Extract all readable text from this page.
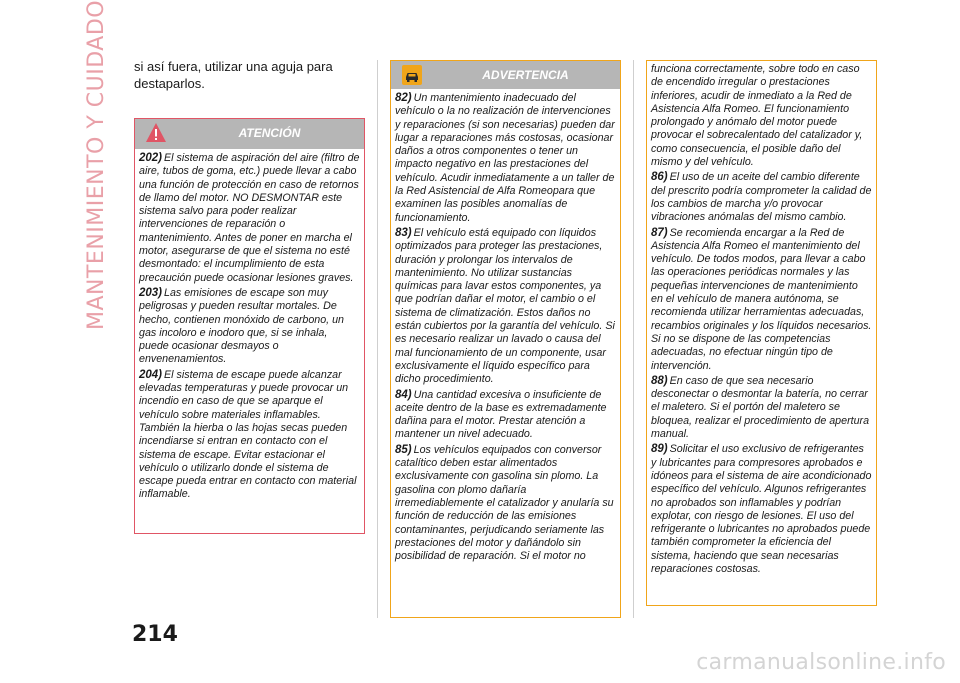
MANTENIMIENTO Y CUIDADO si así fuera, utilizar una aguja para destaparlos.
ATENCIÓN

202) El sistema de aspiración del aire (filtro de aire, tubos de goma, etc.) puede llevar a cabo una función de protección en caso de retornos de llamo del motor. NO DESMONTAR este sistema salvo para poder realizar intervenciones de reparación o mantenimiento. Antes de poner en marcha el motor, asegurarse de que el sistema no esté desmontado: el incumplimiento de esta precaución puede ocasionar lesiones graves.

203) Las emisiones de escape son muy peligrosas y pueden resultar mortales. De hecho, contienen monóxido de carbono, un gas incoloro e inodoro que, si se inhala, puede ocasionar desmayos o envenenamientos.

204) El sistema de escape puede alcanzar elevadas temperaturas y puede provocar un incendio en caso de que se aparque el vehículo sobre materiales inflamables. También la hierba o las hojas secas pueden incendiarse si entran en contacto con el sistema de escape. Evitar estacionar el vehículo o utilizarlo donde el sistema de escape pueda entrar en contacto con material inflamable.

ADVERTENCIA

82) Un mantenimiento inadecuado del vehículo o la no realización de intervenciones y reparaciones (si son necesarias) pueden dar lugar a reparaciones más costosas, ocasionar daños a otros componentes o tener un impacto negativo en las prestaciones del vehículo. Acudir inmediatamente a un taller de la Red Asistencial de Alfa Romeopara que examinen las posibles anomalías de funcionamiento.

83) El vehículo está equipado con líquidos optimizados para proteger las prestaciones, duración y prolongar los intervalos de mantenimiento. No utilizar sustancias químicas para lavar estos componentes, ya que podrían dañar el motor, el cambio o el sistema de climatización. Estos daños no están cubiertos por la garantía del vehículo. Si es necesario realizar un lavado o causa del mal funcionamiento de un componente, usar exclusivamente el líquido específico para dicho procedimiento.

84) Una cantidad excesiva o insuficiente de aceite dentro de la base es extremadamente dañina para el motor. Prestar atención a mantener un nivel adecuado.

85) Los vehículos equipados con conversor catalítico deben estar alimentados exclusivamente con gasolina sin plomo. La gasolina con plomo dañaría irremediablemente el catalizador y anularía su función de reducción de las emisiones contaminantes, perjudicando seriamente las prestaciones del motor y dañándolo sin posibilidad de reparación. Si el motor no

funciona correctamente, sobre todo en caso de encendido irregular o prestaciones inferiores, acudir de inmediato a la Red de Asistencia Alfa Romeo. El funcionamiento prolongado y anómalo del motor puede provocar el sobrecalentado del catalizador y, como consecuencia, el posible daño del mismo y del vehículo.

86) El uso de un aceite del cambio diferente del prescrito podría comprometer la calidad de los cambios de marcha y/o provocar vibraciones anómalas del mismo cambio.

87) Se recomienda encargar a la Red de Asistencia Alfa Romeo el mantenimiento del vehículo. De todos modos, para llevar a cabo las operaciones periódicas normales y las pequeñas intervenciones de mantenimiento en el vehículo de manera autónoma, se recomienda utilizar herramientas adecuadas, recambios originales y los líquidos necesarios. Si no se dispone de las competencias adecuadas, no efectuar ningún tipo de intervención.

88) En caso de que sea necesario desconectar o desmontar la batería, no cerrar el maletero. Si el portón del maletero se bloquea, realizar el procedimiento de apertura manual.

89) Solicitar el uso exclusivo de refrigerantes y lubricantes para compresores aprobados e idóneos para el sistema de aire acondicionado específico del vehículo. Algunos refrigerantes no aprobados son inflamables y podrían explotar, con riesgo de lesiones. El uso del refrigerante o lubricantes no aprobados puede también comprometer la eficiencia del sistema, haciendo que sean necesarias reparaciones costosas.

214
carmanualsonline.info
